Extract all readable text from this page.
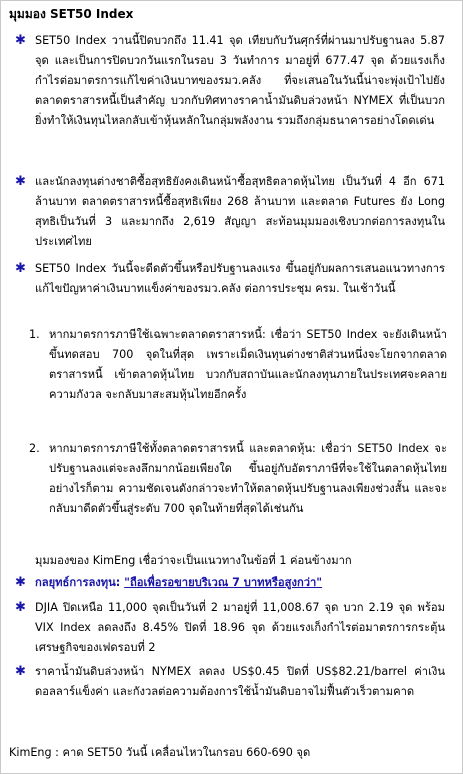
มุมมอง SET50 Index
✱ SET50 Index วานนี้ปิดบวกถึง 11.41 จุด เทียบกับวันศุกร์ที่ผ่านมาปรับฐานลง 5.87 จุด และเป็นการปิดบวกวันแรกในรอบ 3 วันทำการ มาอยู่ที่ 677.47 จุด ด้วยแรงเก็งกำไรต่อมาตรการแก้ไขค่าเงินบาทของรมว.คลัง ที่จะเสนอในวันนี้น่าจะพุ่งเป้าไปยังตลาดตราสารหนี้เป็นสำคัญ บวกกับทิศทางราคาน้ำมันดิบล่วงหน้า NYMEX ที่เป็นบวก ยิ่งทำให้เงินทุนไหลกลับเข้าหุ้นหลักในกลุ่มพลังงาน รวมถึงกลุ่มธนาคารอย่างโดดเด่น
✱ และนักลงทุนต่างชาติซื้อสุทธิยังคงเดินหน้าซื้อสุทธิตลาดหุ้นไทย เป็นวันที่ 4 อีก 671 ล้านบาท ตลาดตราสารหนี้ซื้อสุทธิเพียง 268 ล้านบาท และตลาด Futures ยัง Long สุทธิเป็นวันที่ 3 และมากถึง 2,619 สัญญา สะท้อนมุมมองเชิงบวกต่อการลงทุนในประเทศไทย
✱ SET50 Index วันนี้จะดีดตัวขึ้นหรือปรับฐานลงแรง ขึ้นอยู่กับผลการเสนอแนวทางการแก้ไขปัญหาค่าเงินบาทแข็งค่าของรมว.คลัง ต่อการประชุม ครม. ในเช้าวันนี้
1. หากมาตรการภาษีใช้เฉพาะตลาดตราสารหนี้: เชื่อว่า SET50 Index จะยังเดินหน้าขึ้นทดสอบ 700 จุดในที่สุด เพราะเม็ดเงินทุนต่างชาติส่วนหนึ่งจะโยกจากตลาดตราสารหนี้ เข้าตลาดหุ้นไทย บวกกับสถาบันและนักลงทุนภายในประเทศจะคลายความกังวล จะกลับมาสะสมหุ้นไทยอีกครั้ง
2. หากมาตรการภาษีใช้ทั้งตลาดตราสารหนี้ และตลาดหุ้น: เชื่อว่า SET50 Index จะปรับฐานลงแต่จะลงลึกมากน้อยเพียงใด ขึ้นอยู่กับอัตราภาษีที่จะใช้ในตลาดหุ้นไทย อย่างไรก็ตาม ความชัดเจนดังกล่าวจะทำให้ตลาดหุ้นปรับฐานลงเพียงช่วงสั้น และจะกลับมาดีดตัวขึ้นสู่ระดับ 700 จุดในท้ายที่สุดได้เช่นกัน
มุมมองของ KimEng เชื่อว่าจะเป็นแนวทางในข้อที่ 1 ค่อนข้างมาก
✱ กลยุทธ์การลงทุน: "ถือเพื่อรอขายบริเวณ 7 บาทหรือสูงกว่า"
✱ DJIA ปิดเหนือ 11,000 จุดเป็นวันที่ 2 มาอยู่ที่ 11,008.67 จุด บวก 2.19 จุด พร้อม VIX Index ลดลงถึง 8.45% ปิดที่ 18.96 จุด ด้วยแรงเก็งกำไรต่อมาตรการกระตุ้นเศรษฐกิจของเฟดรอบที่ 2
✱ ราคาน้ำมันดิบล่วงหน้า NYMEX ลดลง US$0.45 ปิดที่ US$82.21/barrel ค่าเงินดอลลาร์แข็งค่า และกังวลต่อความต้องการใช้น้ำมันดิบอาจไม่ฟื้นตัวเร็วตามคาด
KimEng : คาด SET50 วันนี้ เคลื่อนไหวในกรอบ 660-690 จุด
